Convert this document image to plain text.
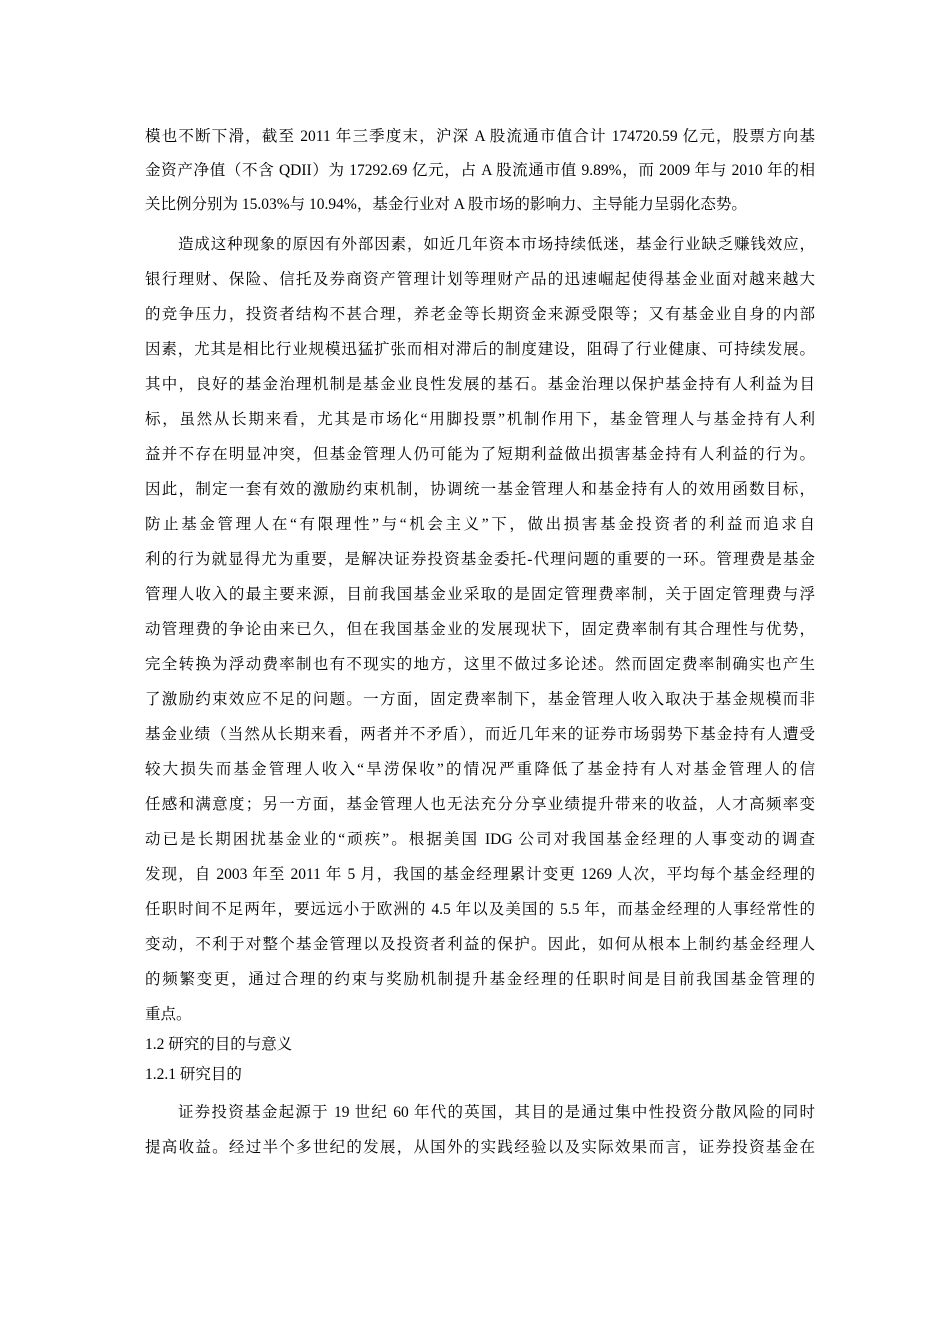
模也不断下滑，截至 2011 年三季度末，沪深 A 股流通市值合计 174720.59 亿元，股票方向基
金资产净值（不含 QDII）为 17292.69 亿元，占 A 股流通市值 9.89%，而 2009 年与 2010 年的相
关比例分别为 15.03%与 10.94%，基金行业对 A 股市场的影响力、主导能力呈弱化态势。
造成这种现象的原因有外部因素，如近几年资本市场持续低迷，基金行业缺乏赚钱效应，
银行理财、保险、信托及券商资产管理计划等理财产品的迅速崛起使得基金业面对越来越大
的竞争压力，投资者结构不甚合理，养老金等长期资金来源受限等；又有基金业自身的内部
因素，尤其是相比行业规模迅猛扩张而相对滞后的制度建设，阻碍了行业健康、可持续发展。
其中，良好的基金治理机制是基金业良性发展的基石。基金治理以保护基金持有人利益为目
标，虽然从长期来看，尤其是市场化“用脚投票”机制作用下，基金管理人与基金持有人利
益并不存在明显冲突，但基金管理人仍可能为了短期利益做出损害基金持有人利益的行为。
因此，制定一套有效的激励约束机制，协调统一基金管理人和基金持有人的效用函数目标，
防止基金管理人在“有限理性”与“机会主义”下，做出损害基金投资者的利益而追求自
利的行为就显得尤为重要，是解决证券投资基金委托-代理问题的重要的一环。管理费是基金
管理人收入的最主要来源，目前我国基金业采取的是固定管理费率制，关于固定管理费与浮
动管理费的争论由来已久，但在我国基金业的发展现状下，固定费率制有其合理性与优势，
完全转换为浮动费率制也有不现实的地方，这里不做过多论述。然而固定费率制确实也产生
了激励约束效应不足的问题。一方面，固定费率制下，基金管理人收入取决于基金规模而非
基金业绩（当然从长期来看，两者并不矛盾），而近几年来的证券市场弱势下基金持有人遭受
较大损失而基金管理人收入“旱涝保收”的情况严重降低了基金持有人对基金管理人的信
任感和满意度；另一方面，基金管理人也无法充分分享业绩提升带来的收益，人才高频率变
动已是长期困扰基金业的“顽疾”。根据美国 IDG 公司对我国基金经理的人事变动的调查
发现，自 2003 年至 2011 年 5 月，我国的基金经理累计变更 1269 人次，平均每个基金经理的
任职时间不足两年，要远远小于欧洲的 4.5 年以及美国的 5.5 年，而基金经理的人事经常性的
变动，不利于对整个基金管理以及投资者利益的保护。因此，如何从根本上制约基金经理人
的频繁变更，通过合理的约束与奖励机制提升基金经理的任职时间是目前我国基金管理的
重点。
1.2 研究的目的与意义
1.2.1 研究目的
证券投资基金起源于 19 世纪 60 年代的英国，其目的是通过集中性投资分散风险的同时
提高收益。经过半个多世纪的发展，从国外的实践经验以及实际效果而言，证券投资基金在
